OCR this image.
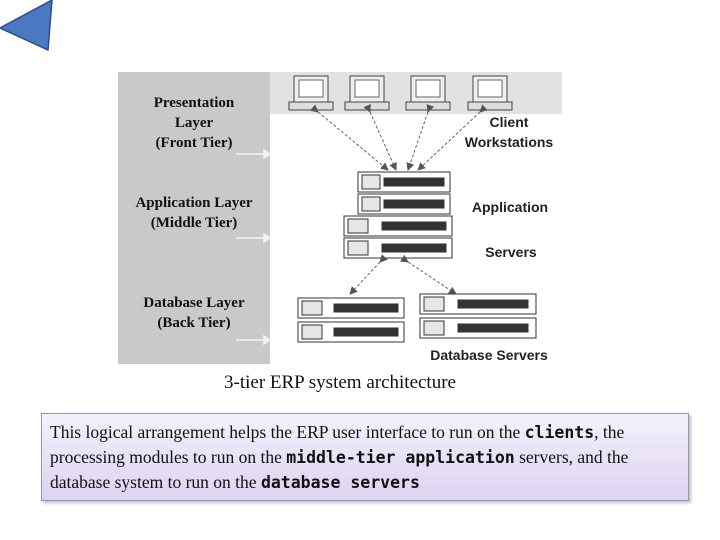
Presentation
Layer
(Front Tier)
Application Layer
(Middle Tier)
Database Layer
(Back Tier)
Client
Workstations
Application
Servers
Database Servers
3-tier ERP system architecture
This logical arrangement helps the ERP user interface to run on the clients, the processing modules to run on the middle-tier application servers, and the database system to run on the database servers
